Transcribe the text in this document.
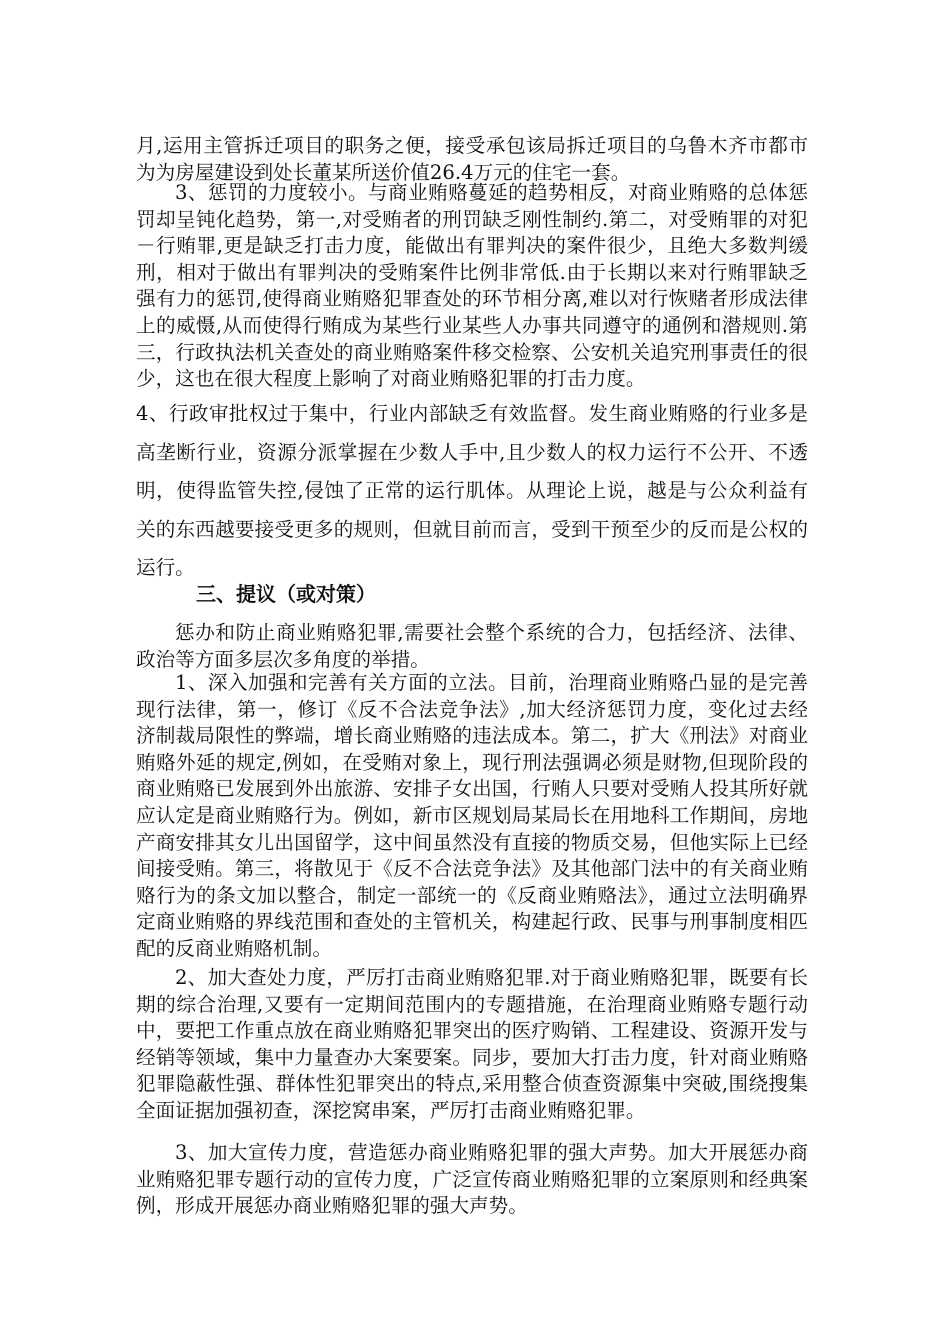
月,运用主管拆迁项目的职务之便，接受承包该局拆迁项目的乌鲁木齐市都市为为房屋建设到处长董某所送价值26.4万元的住宅一套。

3、惩罚的力度较小。与商业贿赂蔓延的趋势相反，对商业贿赂的总体惩罚却呈钝化趋势，第一,对受贿者的刑罚缺乏刚性制约.第二，对受贿罪的对犯－行贿罪,更是缺乏打击力度，能做出有罪判决的案件很少，且绝大多数判缓刑，相对于做出有罪判决的受贿案件比例非常低.由于长期以来对行贿罪缺乏强有力的惩罚,使得商业贿赂犯罪查处的环节相分离,难以对行恢赌者形成法律上的威慑,从而使得行贿成为某些行业某些人办事共同遵守的通例和潜规则.第三，行政执法机关查处的商业贿赂案件移交检察、公安机关追究刑事责任的很少，这也在很大程度上影响了对商业贿赂犯罪的打击力度。

4、行政审批权过于集中，行业内部缺乏有效监督。发生商业贿赂的行业多是高垄断行业，资源分派掌握在少数人手中,且少数人的权力运行不公开、不透明，使得监管失控,侵蚀了正常的运行肌体。从理论上说，越是与公众利益有关的东西越要接受更多的规则，但就目前而言，受到干预至少的反而是公权的运行。

三、提议（或对策）

惩办和防止商业贿赂犯罪,需要社会整个系统的合力，包括经济、法律、政治等方面多层次多角度的举措。

1、深入加强和完善有关方面的立法。目前，治理商业贿赂凸显的是完善现行法律，第一，修订《反不合法竞争法》,加大经济惩罚力度，变化过去经济制裁局限性的弊端，增长商业贿赂的违法成本。第二，扩大《刑法》对商业贿赂外延的规定,例如，在受贿对象上，现行刑法强调必须是财物,但现阶段的商业贿赂已发展到外出旅游、安排子女出国，行贿人只要对受贿人投其所好就应认定是商业贿赂行为。例如，新市区规划局某局长在用地科工作期间，房地产商安排其女儿出国留学，这中间虽然没有直接的物质交易，但他实际上已经间接受贿。第三，将散见于《反不合法竞争法》及其他部门法中的有关商业贿赂行为的条文加以整合，制定一部统一的《反商业贿赂法》，通过立法明确界定商业贿赂的界线范围和查处的主管机关，构建起行政、民事与刑事制度相匹配的反商业贿赂机制。

2、加大查处力度，严厉打击商业贿赂犯罪.对于商业贿赂犯罪，既要有长期的综合治理,又要有一定期间范围内的专题措施，在治理商业贿赂专题行动中，要把工作重点放在商业贿赂犯罪突出的医疗购销、工程建设、资源开发与经销等领域，集中力量查办大案要案。同步，要加大打击力度，针对商业贿赂犯罪隐蔽性强、群体性犯罪突出的特点,采用整合侦查资源集中突破,围绕搜集全面证据加强初查，深挖窝串案，严厉打击商业贿赂犯罪。

3、加大宣传力度，营造惩办商业贿赂犯罪的强大声势。加大开展惩办商业贿赂犯罪专题行动的宣传力度，广泛宣传商业贿赂犯罪的立案原则和经典案例，形成开展惩办商业贿赂犯罪的强大声势。
